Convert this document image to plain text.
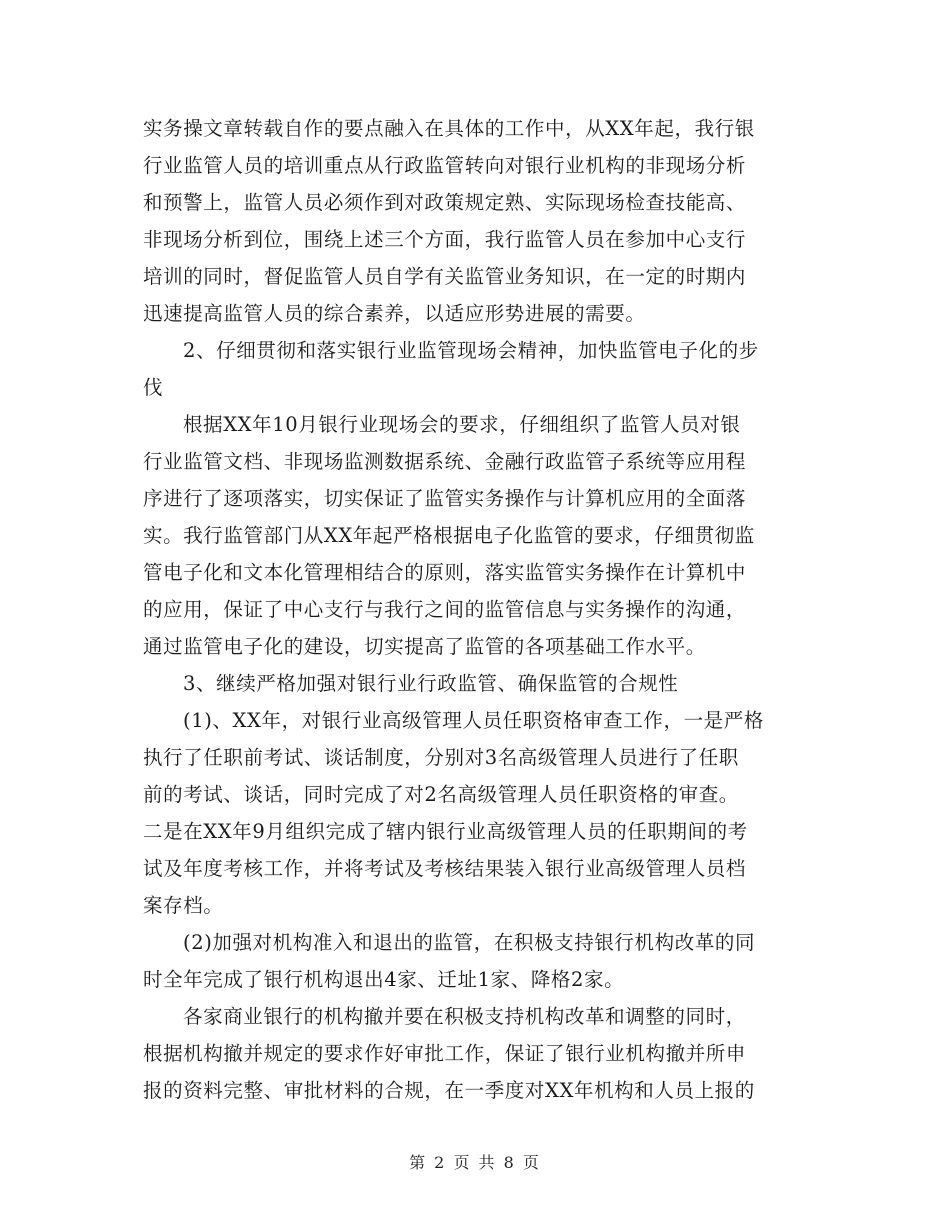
实务操文章转载自作的要点融入在具体的工作中，从XX年起，我行银
行业监管人员的培训重点从行政监管转向对银行业机构的非现场分析
和预警上，监管人员必须作到对政策规定熟、实际现场检查技能高、
非现场分析到位，围绕上述三个方面，我行监管人员在参加中心支行
培训的同时，督促监管人员自学有关监管业务知识，在一定的时期内
迅速提高监管人员的综合素养，以适应形势进展的需要。
2、仔细贯彻和落实银行业监管现场会精神，加快监管电子化的步
伐
根据XX年10月银行业现场会的要求，仔细组织了监管人员对银
行业监管文档、非现场监测数据系统、金融行政监管子系统等应用程
序进行了逐项落实，切实保证了监管实务操作与计算机应用的全面落
实。我行监管部门从XX年起严格根据电子化监管的要求，仔细贯彻监
管电子化和文本化管理相结合的原则，落实监管实务操作在计算机中
的应用，保证了中心支行与我行之间的监管信息与实务操作的沟通，
通过监管电子化的建设，切实提高了监管的各项基础工作水平。
3、继续严格加强对银行业行政监管、确保监管的合规性
(1)、XX年，对银行业高级管理人员任职资格审查工作，一是严格
执行了任职前考试、谈话制度，分别对3名高级管理人员进行了任职
前的考试、谈话，同时完成了对2名高级管理人员任职资格的审查。
二是在XX年9月组织完成了辖内银行业高级管理人员的任职期间的考
试及年度考核工作，并将考试及考核结果装入银行业高级管理人员档
案存档。
(2)加强对机构准入和退出的监管，在积极支持银行机构改革的同
时全年完成了银行机构退出4家、迁址1家、降格2家。
各家商业银行的机构撤并要在积极支持机构改革和调整的同时，
根据机构撤并规定的要求作好审批工作，保证了银行业机构撤并所申
报的资料完整、审批材料的合规，在一季度对XX年机构和人员上报的
第 2 页 共 8 页
